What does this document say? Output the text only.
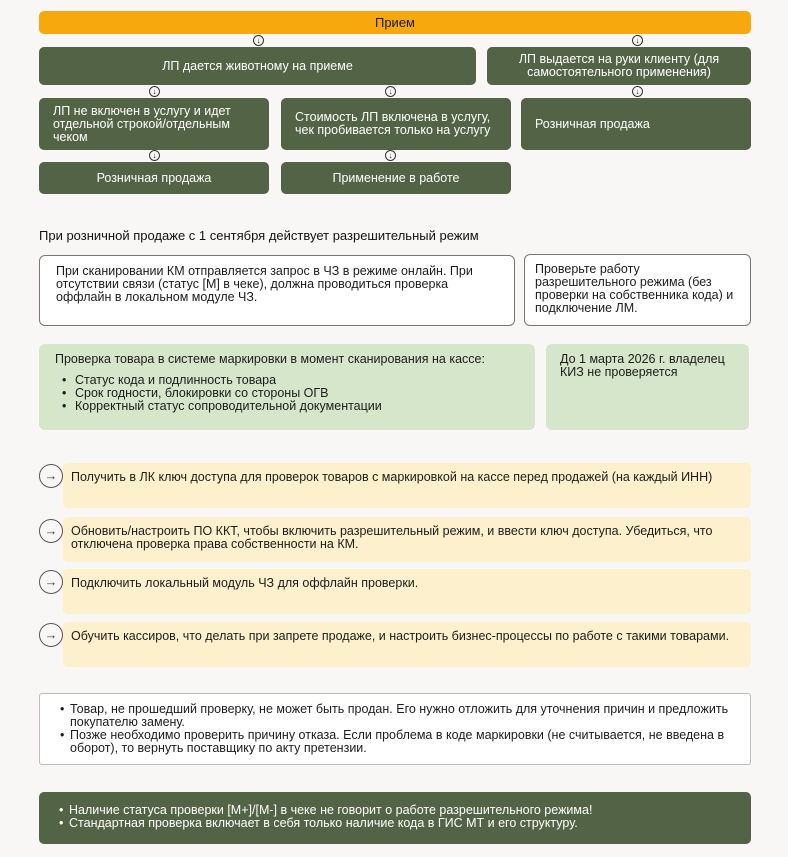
Прием
↓	↓
ЛП дается животному на приеме	ЛП выдается на руки клиенту (для самостоятельного применения)
↓	↓	↓
ЛП не включен в услугу и идет отдельной строкой/отдельным чеком
Стоимость ЛП включена в услугу, чек пробивается только на услугу	Розничная продажа
↓	↓
Розничная продажа	Применение в работе
При розничной продаже с 1 сентября действует разрешительный режим
При сканировании КМ отправляется запрос в ЧЗ в режиме онлайн. При отсутствии связи (статус [М] в чеке), должна проводиться проверка оффлайн в локальном модуле ЧЗ.
Проверьте работу разрешительного режима (без проверки на собственника кода) и подключение ЛМ.
Проверка товара в системе маркировки в момент сканирования на кассе:
• Статус кода и подлинность товара
• Срок годности, блокировки со стороны ОГВ
• Корректный статус сопроводительной документации
До 1 марта 2026 г. владелец КИЗ не проверяется
→	Получить в ЛК ключ доступа для проверок товаров с маркировкой на кассе перед продажей (на каждый ИНН)
→	Обновить/настроить ПО ККТ, чтобы включить разрешительный режим, и ввести ключ доступа. Убедиться, что отключена проверка права собственности на КМ.
→	Подключить локальный модуль ЧЗ для оффлайн проверки.
→	Обучить кассиров, что делать при запрете продаже, и настроить бизнес-процессы по работе с такими товарами.
• Товар, не прошедший проверку, не может быть продан. Его нужно отложить для уточнения причин и предложить покупателю замену.
• Позже необходимо проверить причину отказа. Если проблема в коде маркировки (не считывается, не введена в оборот), то вернуть поставщику по акту претензии.
• Наличие статуса проверки [М+]/[М-] в чеке не говорит о работе разрешительного режима!
• Стандартная проверка включает в себя только наличие кода в ГИС МТ и его структуру.
